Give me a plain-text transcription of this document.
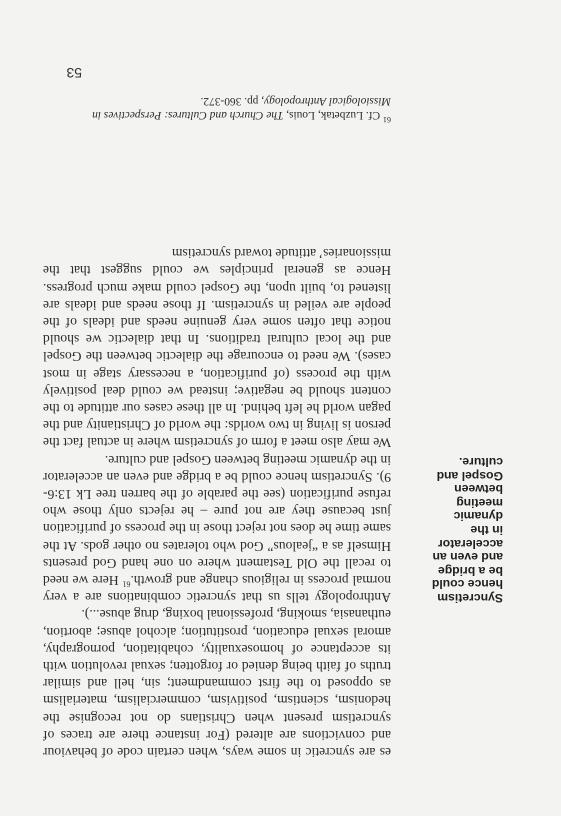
Syncretism
hence could
be a bridge
and even an
accelerator
in the
dynamic
meeting
between
Gospel and
culture.

es are syncretic in some ways, when certain code of behaviour and convictions are altered (For instance there are traces of syncretism present when Christians do not recognise the hedonism, scientism, positivism, commercialism, materialism as opposed to the first commandment; sin, hell and similar truths of faith being denied or forgotten; sexual revolution with its acceptance of homosexuality, cohabitation, pornography, amoral sexual education, prostitution; alcohol abuse; abortion, euthanasia, smoking, professional boxing, drug abuse...).

Anthropology tells us that syncretic combinations are a very normal process in religious change and growth.$^{61}$ Here we need to recall the Old Testament where on one hand God presents Himself as a “jealous” God who tolerates no other gods. At the same time he does not reject those in the process of purification just because they are not pure – he rejects only those who refuse purification (see the parable of the barren tree Lk 13:6-9). Syncretism hence could be a bridge and even an accelerator in the dynamic meeting between Gospel and culture.

We may also meet a form of syncretism where in actual fact the person is living in two worlds: the world of Christianity and the pagan world he left behind. In all these cases our attitude to the content should be negative; instead we could deal positively with the process (of purification, a necessary stage in most cases). We need to encourage the dialectic between the Gospel and the local cultural traditions. In that dialectic we should notice that often some very genuine needs and ideals of the people are veiled in syncretism. If those needs and ideals are listened to, built upon, the Gospel could make much progress. Hence as general principles we could suggest that the missionaries’ attitude toward syncretism

$^{61}$ Cf. Luzbetak, Louis, The Church and Cultures: Perspectives in Missiological Anthropology, pp. 360-372.
53
